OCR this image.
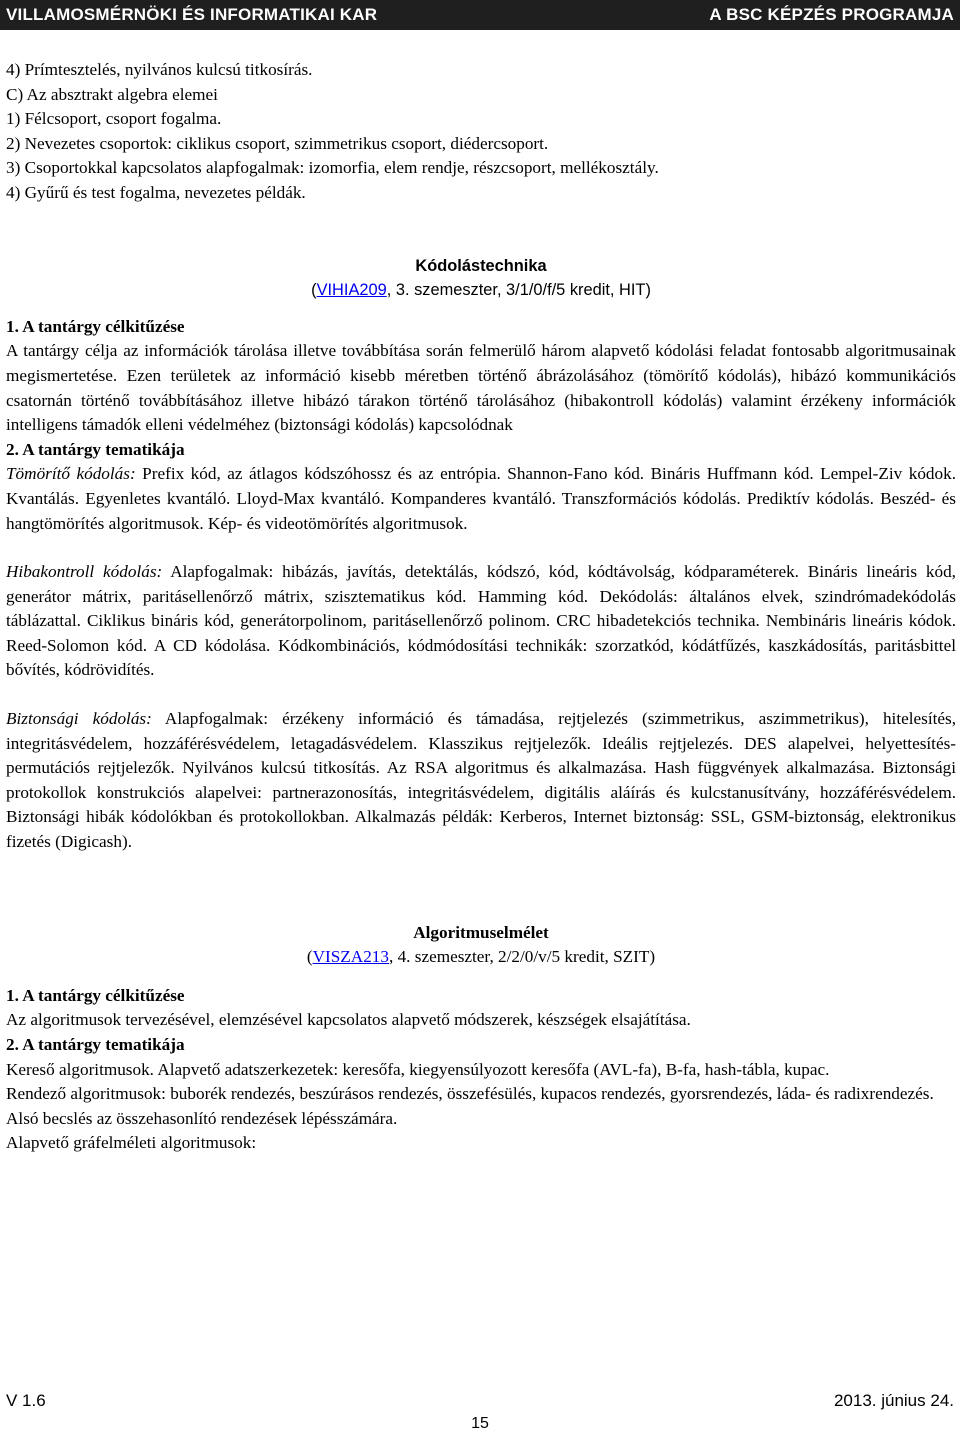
VILLAMOSMÉRNÖKI ÉS INFORMATIKAI KAR	A BSC KÉPZÉS PROGRAMJA

4) Prímtesztelés, nyilvános kulcsú titkosírás.

C) Az absztrakt algebra elemei

1) Félcsoport, csoport fogalma.

2) Nevezetes csoportok: ciklikus csoport, szimmetrikus csoport, diédercsoport.

3) Csoportokkal kapcsolatos alapfogalmak: izomorfia, elem rendje, részcsoport, mellékosztály.

4) Gyűrű és test fogalma, nevezetes példák.

Kódolástechnika

(VIHIA209, 3. szemeszter, 3/1/0/f/5 kredit, HIT)

1. A tantárgy célkitűzése

A tantárgy célja az információk tárolása illetve továbbítása során felmerülő három alapvető kódolási feladat fontosabb algoritmusainak megismertetése. Ezen területek az információ kisebb méretben történő ábrázolásához (tömörítő kódolás), hibázó kommunikációs csatornán történő továbbításához illetve hibázó tárakon történő tárolásához (hibakontroll kódolás) valamint érzékeny információk intelligens támadók elleni védelméhez (biztonsági kódolás) kapcsolódnak

2. A tantárgy tematikája

Tömörítő kódolás: Prefix kód, az átlagos kódszóhossz és az entrópia. Shannon-Fano kód. Bináris Huffmann kód. Lempel-Ziv kódok. Kvantálás. Egyenletes kvantáló. Lloyd-Max kvantáló. Kompanderes kvantáló. Transzformációs kódolás. Prediktív kódolás. Beszéd- és hangtömörítés algoritmusok. Kép- és videotömörítés algoritmusok.

Hibakontroll kódolás: Alapfogalmak: hibázás, javítás, detektálás, kódszó, kód, kódtávolság, kódparaméterek. Bináris lineáris kód, generátor mátrix, paritásellenőrző mátrix, szisztematikus kód. Hamming kód. Dekódolás: általános elvek, szindrómadekódolás táblázattal. Ciklikus bináris kód, generátorpolinom, paritásellenőrző polinom. CRC hibadetekciós technika. Nembináris lineáris kódok. Reed-Solomon kód. A CD kódolása. Kódkombinációs, kódmódosítási technikák: szorzatkód, kódátfűzés, kaszkádosítás, paritásbittel bővítés, kódrövidítés.

Biztonsági kódolás: Alapfogalmak: érzékeny információ és támadása, rejtjelezés (szimmetrikus, aszimmetrikus), hitelesítés, integritásvédelem, hozzáférésvédelem, letagadásvédelem. Klasszikus rejtjelezők. Ideális rejtjelezés. DES alapelvei, helyettesítés-permutációs rejtjelezők. Nyilvános kulcsú titkosítás. Az RSA algoritmus és alkalmazása. Hash függvények alkalmazása. Biztonsági protokollok konstrukciós alapelvei: partnerazonosítás, integritásvédelem, digitális aláírás és kulcstanusítvány, hozzáférésvédelem. Biztonsági hibák kódolókban és protokollokban. Alkalmazás példák: Kerberos, Internet biztonság: SSL, GSM-biztonság, elektronikus fizetés (Digicash).

Algoritmuselmélet

(VISZA213, 4. szemeszter, 2/2/0/v/5 kredit, SZIT)

1. A tantárgy célkitűzése

Az algoritmusok tervezésével, elemzésével kapcsolatos alapvető módszerek, készségek elsajátítása.

2. A tantárgy tematikája

Kereső algoritmusok. Alapvető adatszerkezetek: keresőfa, kiegyensúlyozott keresőfa (AVL-fa), B-fa, hash-tábla, kupac.

Rendező algoritmusok: buborék rendezés, beszúrásos rendezés, összefésülés, kupacos rendezés, gyorsrendezés, láda- és radixrendezés.

Alsó becslés az összehasonlító rendezések lépésszámára.

Alapvető gráfelméleti algoritmusok:

V 1.6	2013. június 24.
15
